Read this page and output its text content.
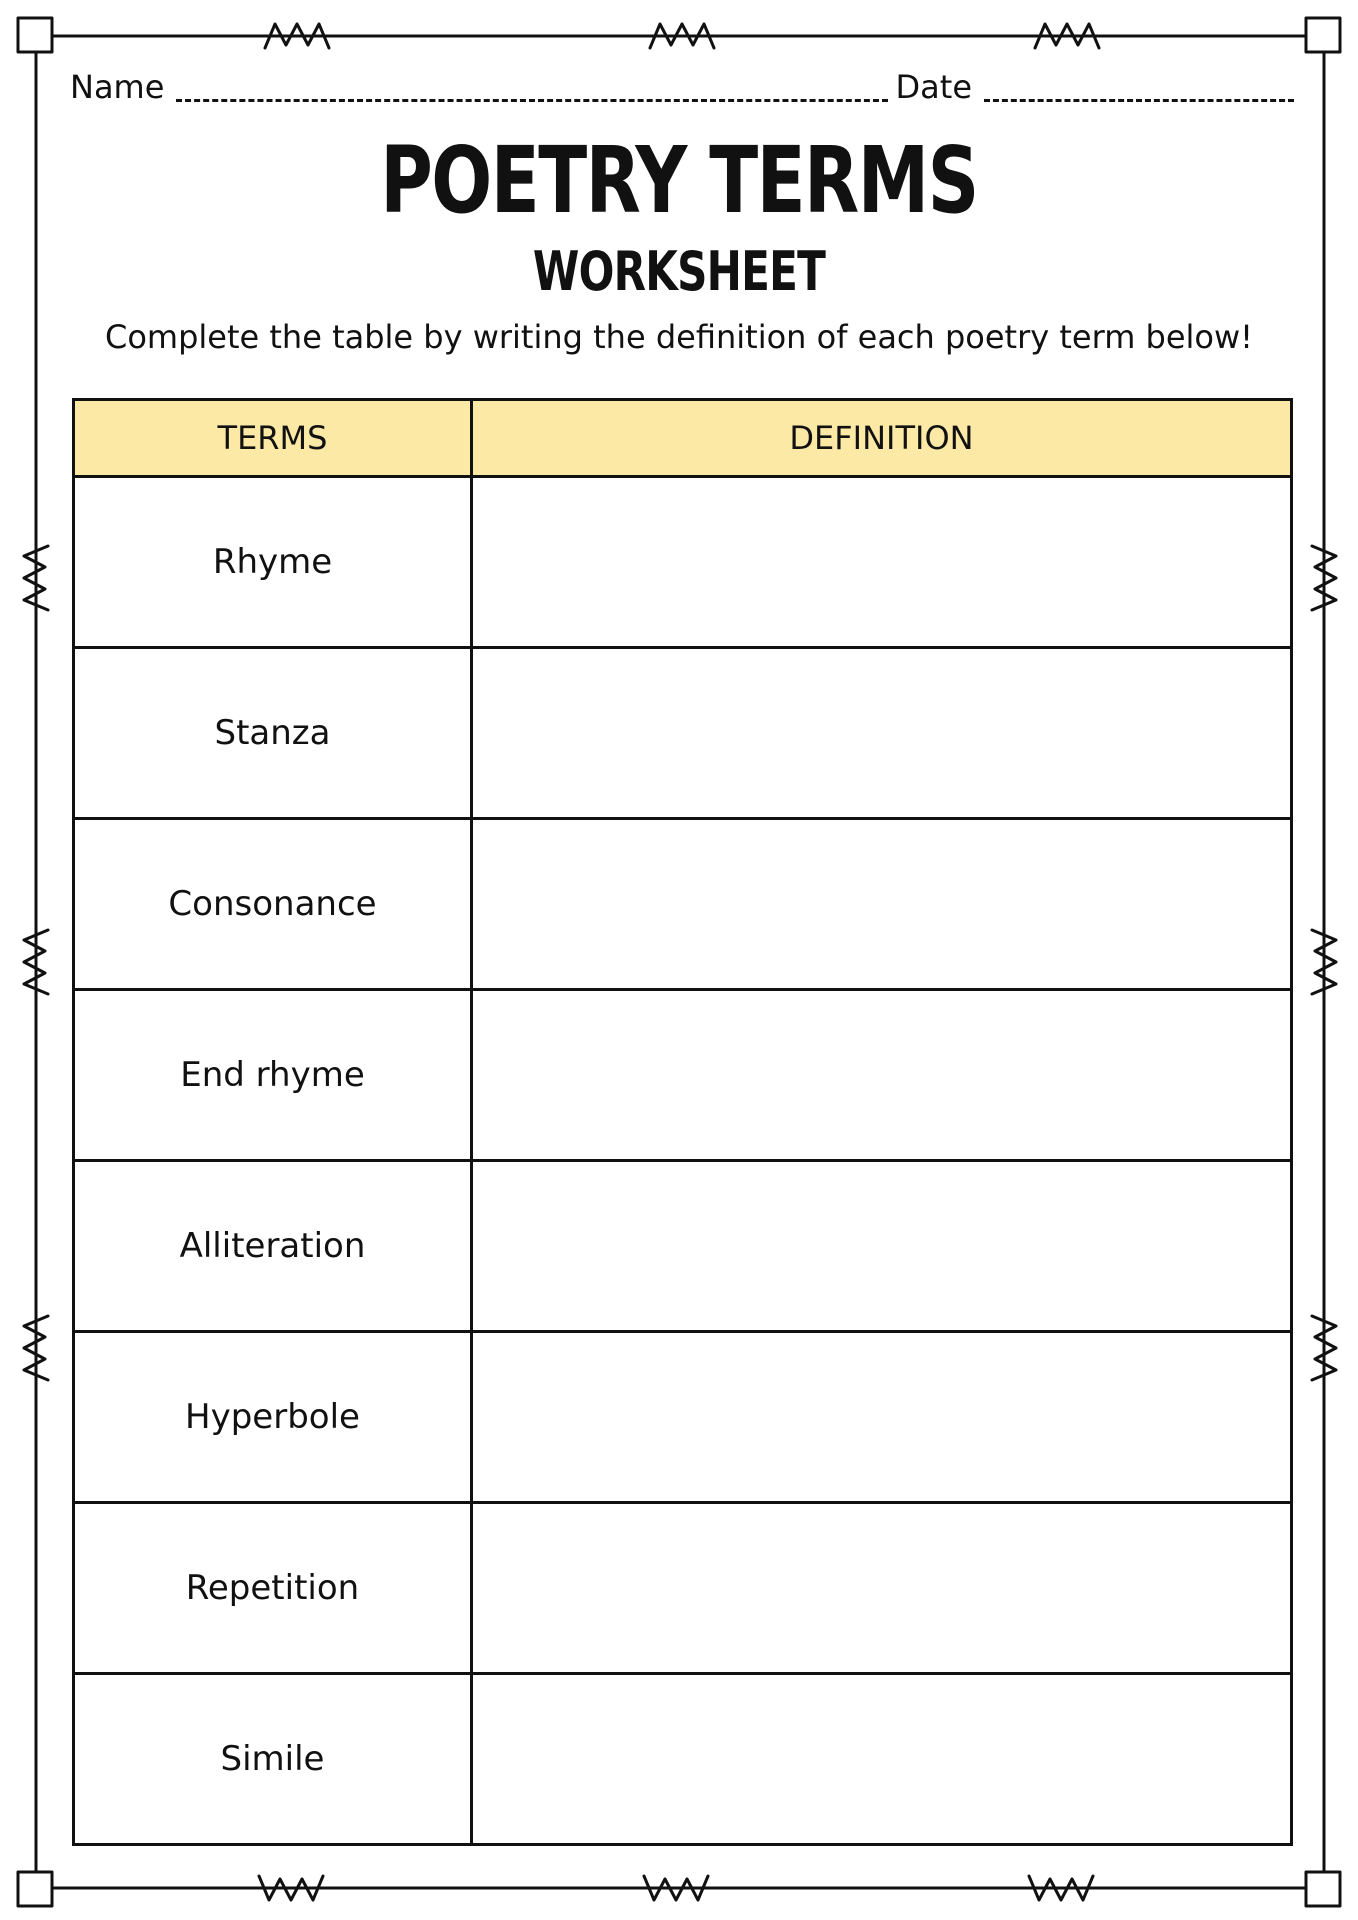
Name	Date
POETRY TERMS
WORKSHEET
Complete the table by writing the definition of each poetry term below!
TERMS	DEFINITION
Rhyme	
Stanza	
Consonance	
End rhyme	
Alliteration	
Hyperbole	
Repetition	
Simile	
